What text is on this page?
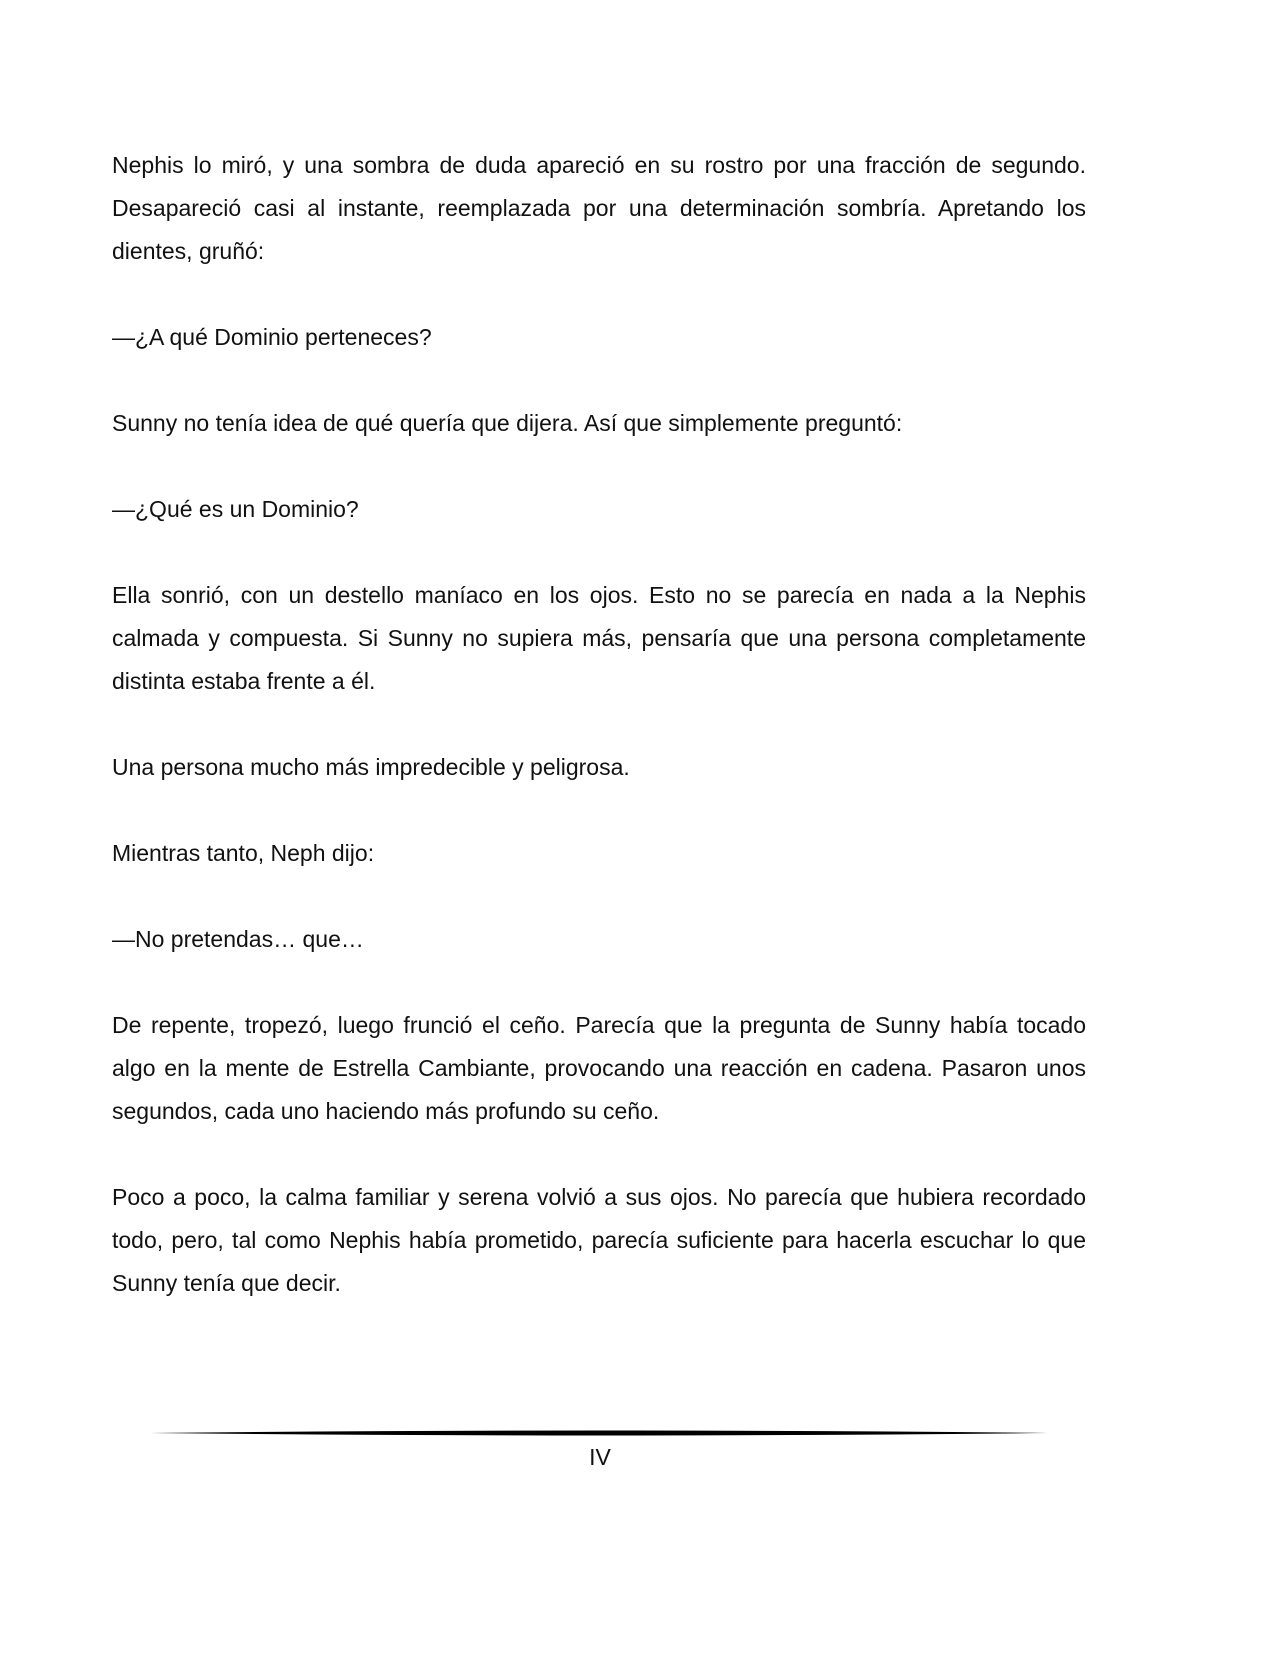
Nephis lo miró, y una sombra de duda apareció en su rostro por una fracción de segundo. Desapareció casi al instante, reemplazada por una determinación sombría. Apretando los dientes, gruñó:

—¿A qué Dominio perteneces?

Sunny no tenía idea de qué quería que dijera. Así que simplemente preguntó:

—¿Qué es un Dominio?

Ella sonrió, con un destello maníaco en los ojos. Esto no se parecía en nada a la Nephis calmada y compuesta. Si Sunny no supiera más, pensaría que una persona completamente distinta estaba frente a él.

Una persona mucho más impredecible y peligrosa.

Mientras tanto, Neph dijo:

—No pretendas… que…

De repente, tropezó, luego frunció el ceño. Parecía que la pregunta de Sunny había tocado algo en la mente de Estrella Cambiante, provocando una reacción en cadena. Pasaron unos segundos, cada uno haciendo más profundo su ceño.

Poco a poco, la calma familiar y serena volvió a sus ojos. No parecía que hubiera recordado todo, pero, tal como Nephis había prometido, parecía suficiente para hacerla escuchar lo que Sunny tenía que decir.

IV
